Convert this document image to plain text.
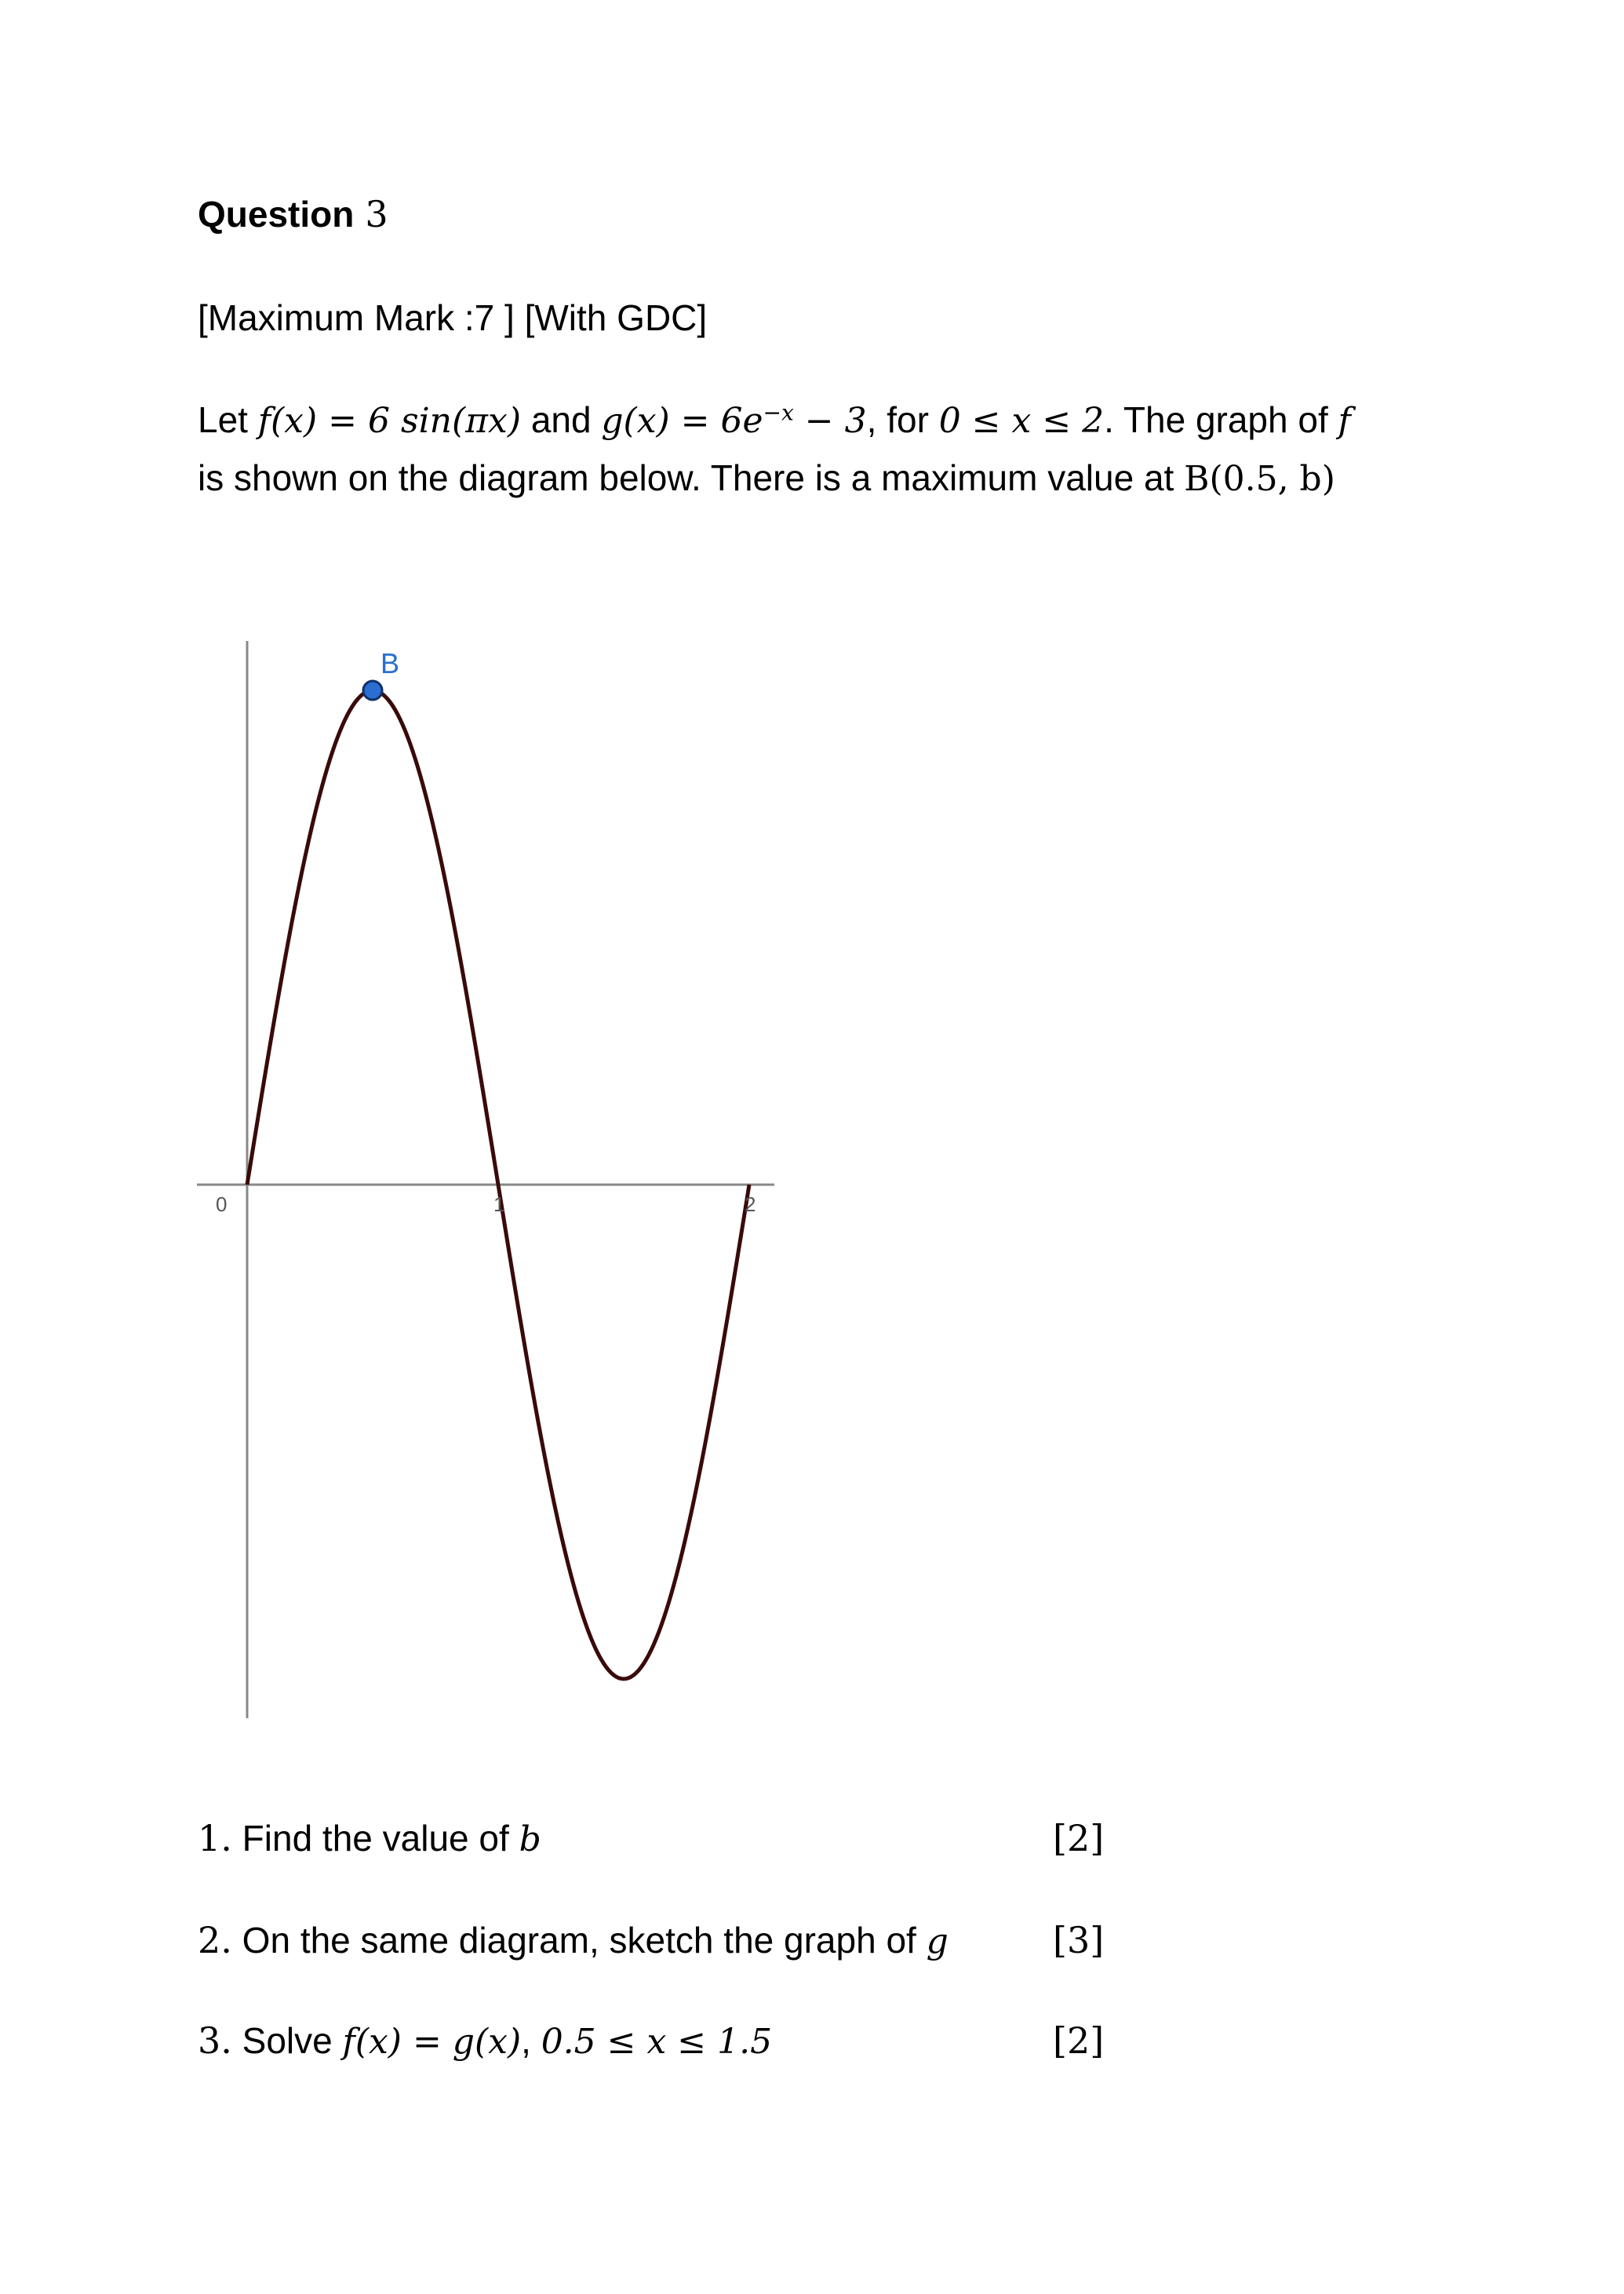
Question 3
[Maximum Mark :7 ] [With GDC]
Let f(x) = 6 sin(πx) and $g(x) = 6e^{-x} - 3$, for 0 ≤ x ≤ 2. The graph of f
is shown on the diagram below. There is a maximum value at B(0.5, b)
0	1	2
B
1. Find the value of b	[2]
2. On the same diagram, sketch the graph of g	[3]
3. Solve f(x) = g(x), 0.5 ≤ x ≤ 1.5	[2]
